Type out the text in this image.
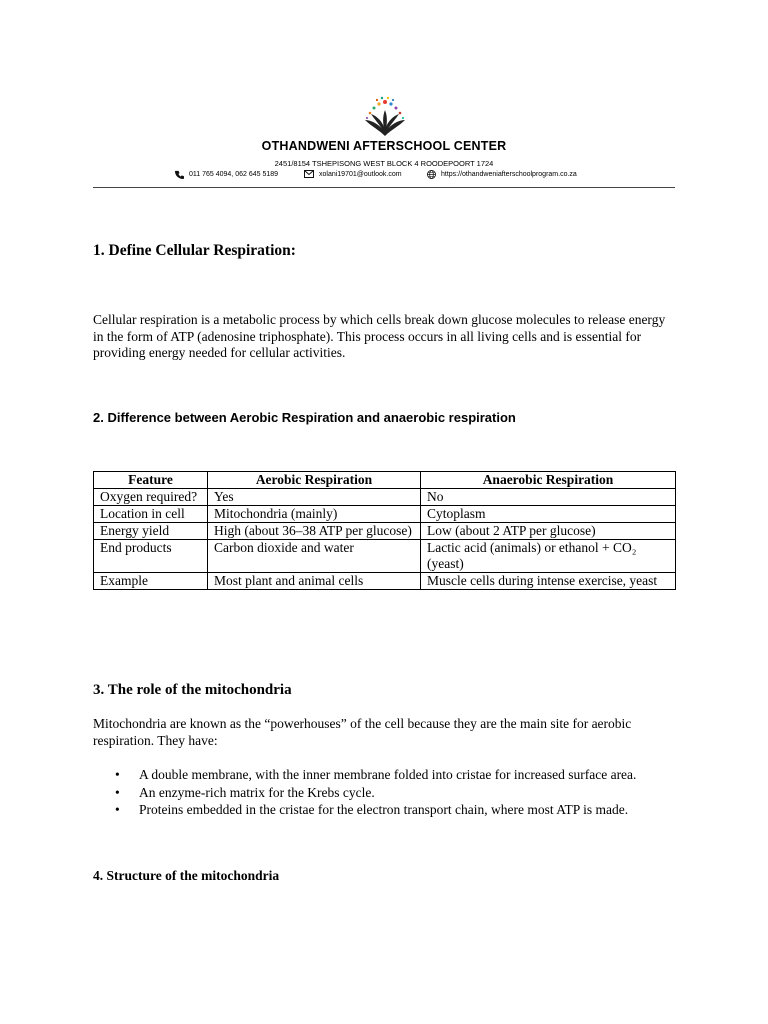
OTHANDWENI AFTERSCHOOL CENTER
2451/8154 TSHEPISONG WEST BLOCK 4 ROODEPOORT 1724
011 765 4094, 062 645 5189	xolani19701@outlook.com	https://othandweniafterschoolprogram.co.za
1. Define Cellular Respiration:

Cellular respiration is a metabolic process by which cells break down glucose molecules to release energy in the form of ATP (adenosine triphosphate). This process occurs in all living cells and is essential for providing energy needed for cellular activities.

2. Difference between Aerobic Respiration and anaerobic respiration
Feature	Aerobic Respiration	Anaerobic Respiration
Oxygen required?	Yes	No
Location in cell	Mitochondria (mainly)	Cytoplasm
Energy yield	High (about 36–38 ATP per glucose)	Low (about 2 ATP per glucose)
End products	Carbon dioxide and water	Lactic acid (animals) or ethanol + CO₂ (yeast)
Example	Most plant and animal cells	Muscle cells during intense exercise, yeast
3. The role of the mitochondria

Mitochondria are known as the “powerhouses” of the cell because they are the main site for aerobic respiration. They have:

• A double membrane, with the inner membrane folded into cristae for increased surface area.
• An enzyme-rich matrix for the Krebs cycle.
• Proteins embedded in the cristae for the electron transport chain, where most ATP is made.
4. Structure of the mitochondria
